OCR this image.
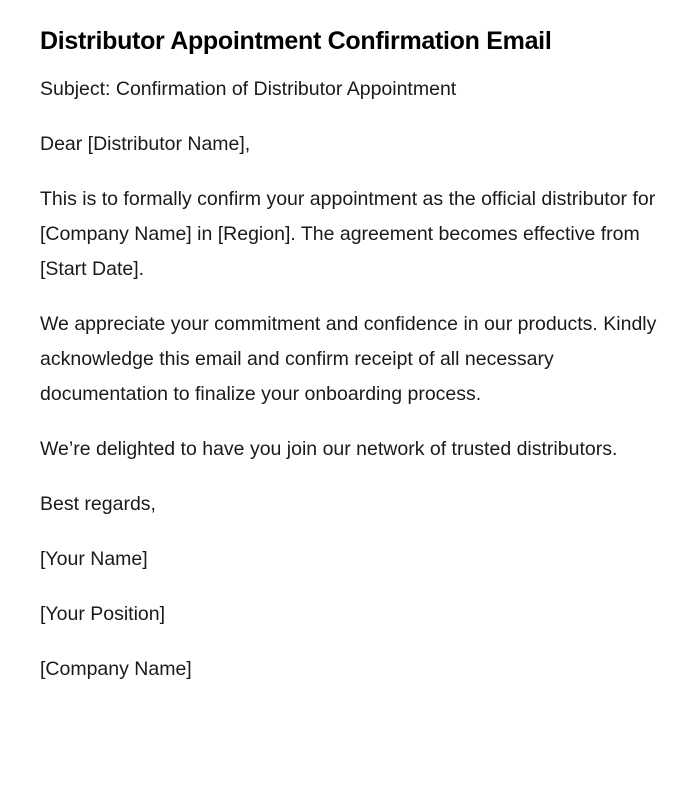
Distributor Appointment Confirmation Email

Subject: Confirmation of Distributor Appointment

Dear [Distributor Name],

This is to formally confirm your appointment as the official distributor for [Company Name] in [Region]. The agreement becomes effective from [Start Date].

We appreciate your commitment and confidence in our products. Kindly acknowledge this email and confirm receipt of all necessary documentation to finalize your onboarding process.

We’re delighted to have you join our network of trusted distributors.

Best regards,

[Your Name]

[Your Position]

[Company Name]
